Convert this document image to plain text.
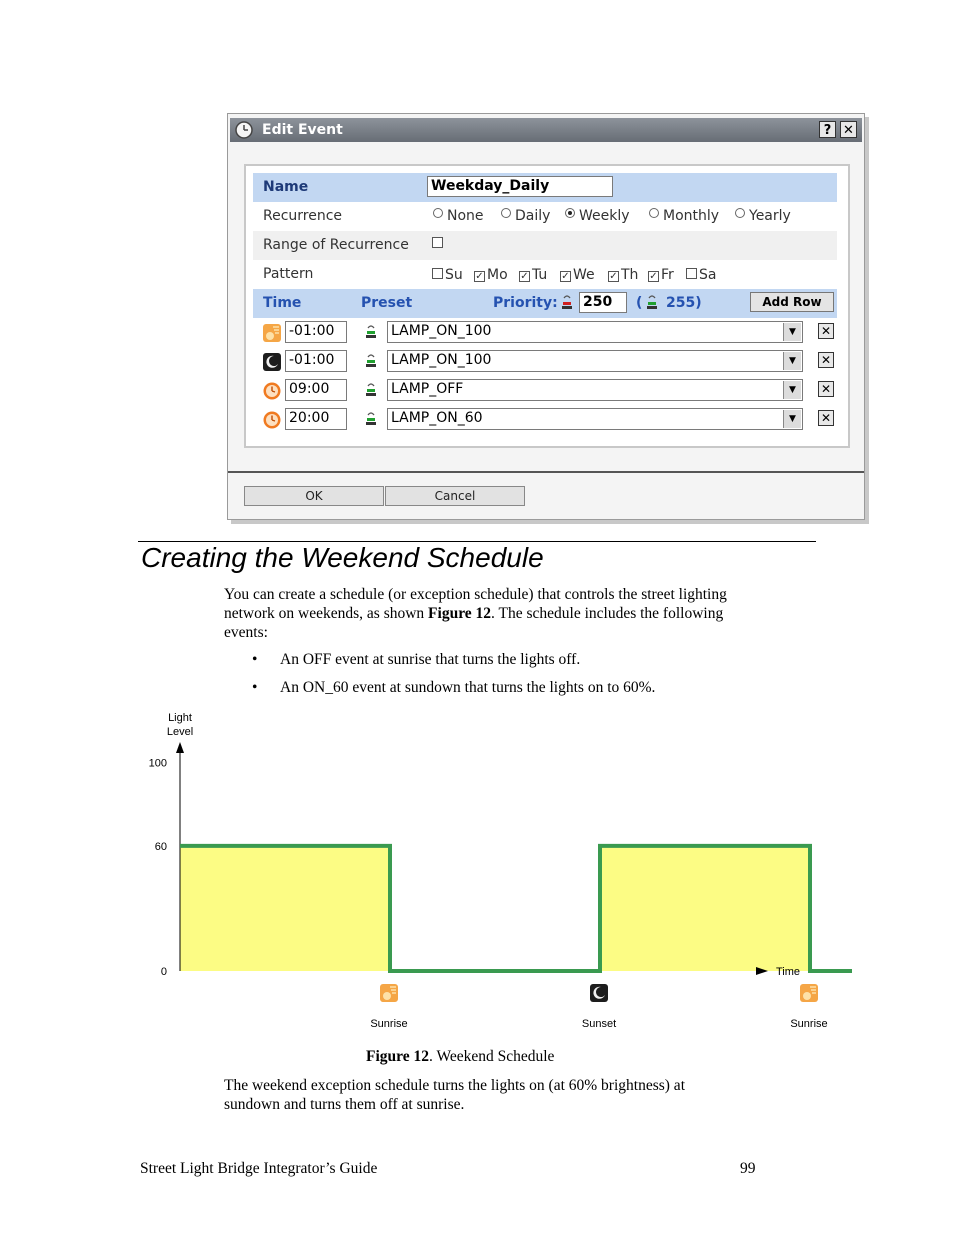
Edit Event	? ✕
Name	Weekday_Daily
Recurrence	None	Daily	Weekly	Monthly	Yearly
Range of Recurrence
Pattern	Su ✓ Mo ✓ Tu ✓ We ✓ Th ✓ Fr	Sa
Time	Preset	Priority: 250	( 255)	Add Row
-01:00	LAMP_ON_100	▼	✕
-01:00	LAMP_ON_100	▼	✕
09:00	LAMP_OFF	▼	✕
20:00	LAMP_ON_60	▼	✕
OK	Cancel
Creating the Weekend Schedule
You can create a schedule (or exception schedule) that controls the street lighting
network on weekends, as shown Figure 12. The schedule includes the following
events:
• An OFF event at sunrise that turns the lights off.
• An ON_60 event at sundown that turns the lights on to 60%.
Light
Level
Time
0
60
100
Sunrise	Sunset	Sunrise
Figure 12. Weekend Schedule
The weekend exception schedule turns the lights on (at 60% brightness) at
sundown and turns them off at sunrise.
Street Light Bridge Integrator’s Guide	99
